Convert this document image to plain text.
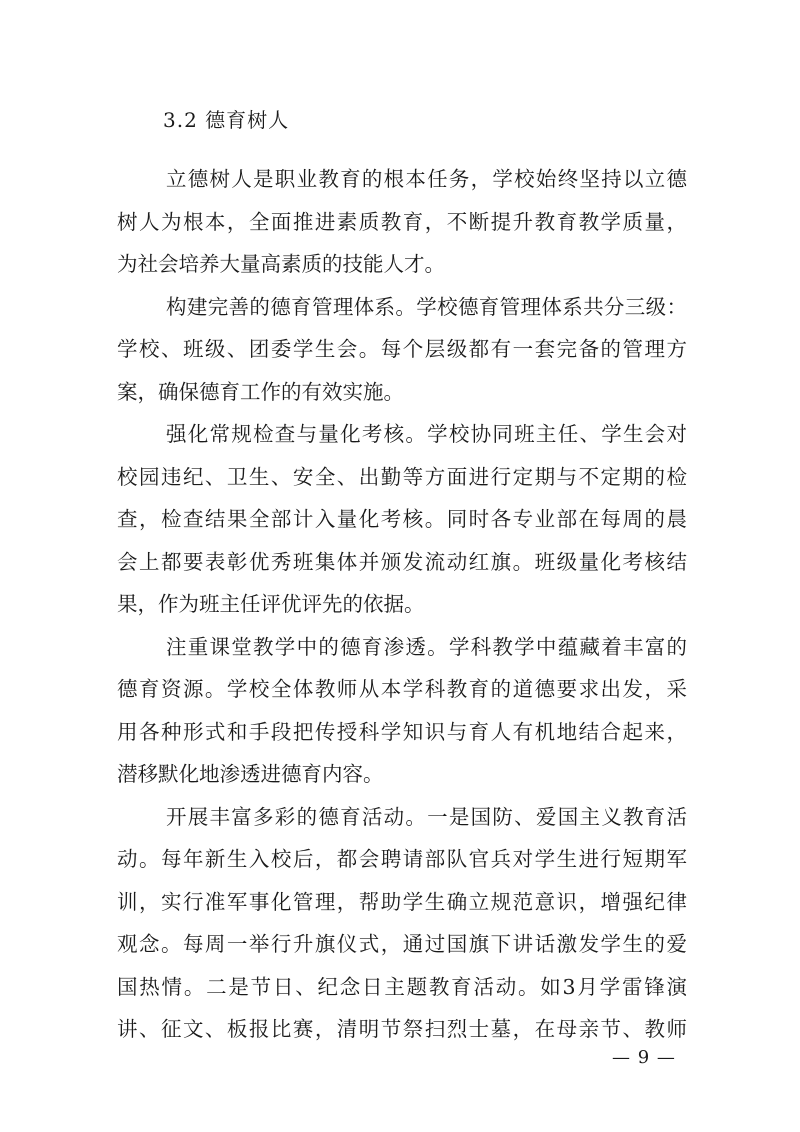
3.2 德育树人
立德树人是职业教育的根本任务，学校始终坚持以立德
树人为根本，全面推进素质教育，不断提升教育教学质量，
为社会培养大量高素质的技能人才。
构建完善的德育管理体系。学校德育管理体系共分三级：
学校、班级、团委学生会。每个层级都有一套完备的管理方
案，确保德育工作的有效实施。
强化常规检查与量化考核。学校协同班主任、学生会对
校园违纪、卫生、安全、出勤等方面进行定期与不定期的检
查，检查结果全部计入量化考核。同时各专业部在每周的晨
会上都要表彰优秀班集体并颁发流动红旗。班级量化考核结
果，作为班主任评优评先的依据。
注重课堂教学中的德育渗透。学科教学中蕴藏着丰富的
德育资源。学校全体教师从本学科教育的道德要求出发，采
用各种形式和手段把传授科学知识与育人有机地结合起来，
潜移默化地渗透进德育内容。
开展丰富多彩的德育活动。一是国防、爱国主义教育活
动。每年新生入校后，都会聘请部队官兵对学生进行短期军
训，实行准军事化管理，帮助学生确立规范意识，增强纪律
观念。每周一举行升旗仪式，通过国旗下讲话激发学生的爱
国热情。二是节日、纪念日主题教育活动。如3月学雷锋演
讲、征文、板报比赛，清明节祭扫烈士墓，在母亲节、教师
— 9 —
